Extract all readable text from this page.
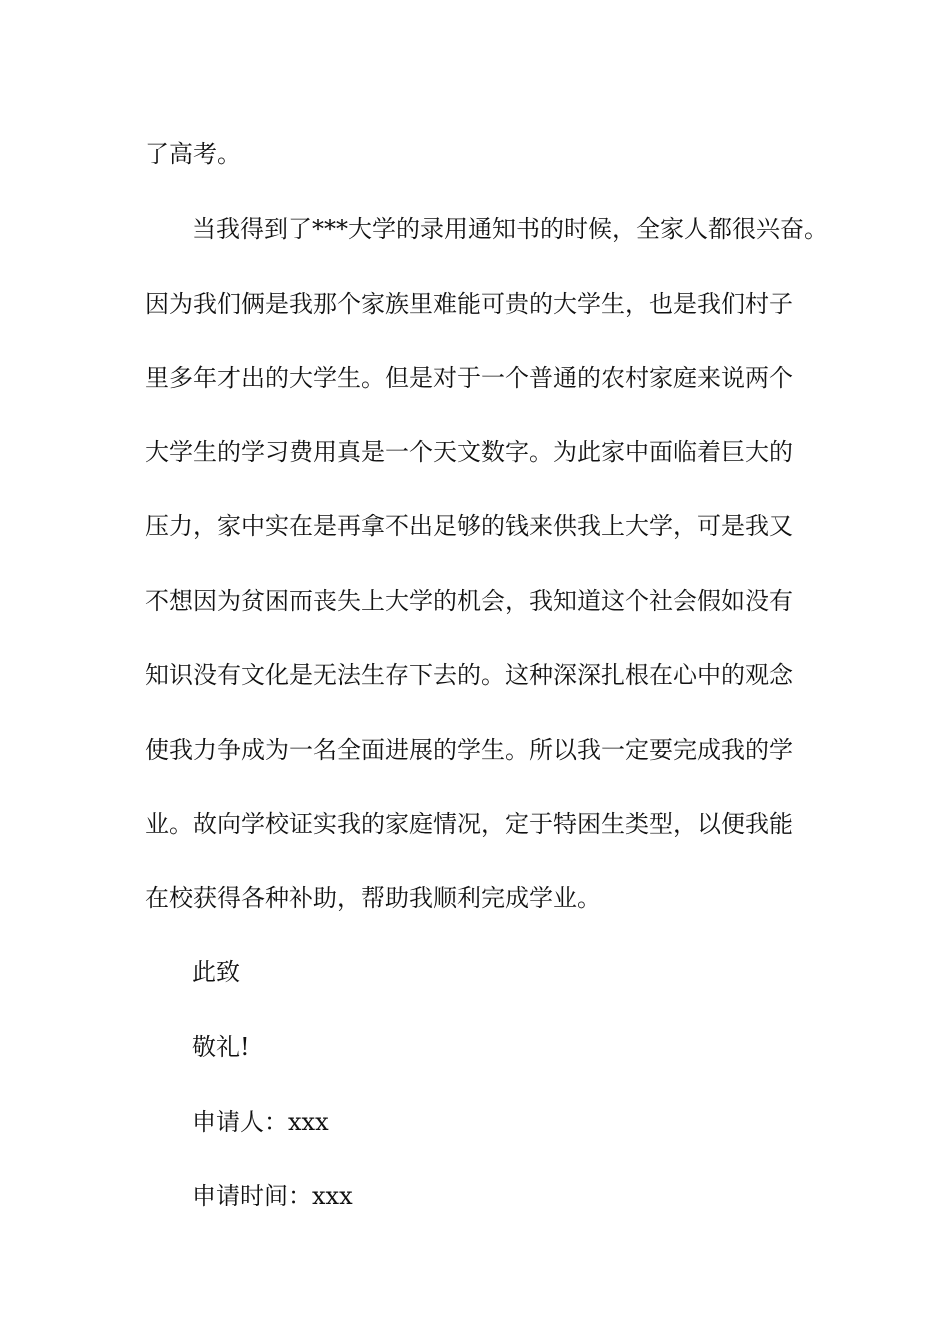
了高考。
当我得到了***大学的录用通知书的时候，全家人都很兴奋。
因为我们俩是我那个家族里难能可贵的大学生，也是我们村子
里多年才出的大学生。但是对于一个普通的农村家庭来说两个
大学生的学习费用真是一个天文数字。为此家中面临着巨大的
压力，家中实在是再拿不出足够的钱来供我上大学，可是我又
不想因为贫困而丧失上大学的机会，我知道这个社会假如没有
知识没有文化是无法生存下去的。这种深深扎根在心中的观念
使我力争成为一名全面进展的学生。所以我一定要完成我的学
业。故向学校证实我的家庭情况，定于特困生类型，以便我能
在校获得各种补助，帮助我顺利完成学业。
此致
敬礼!
申请人：xxx
申请时间：xxx
